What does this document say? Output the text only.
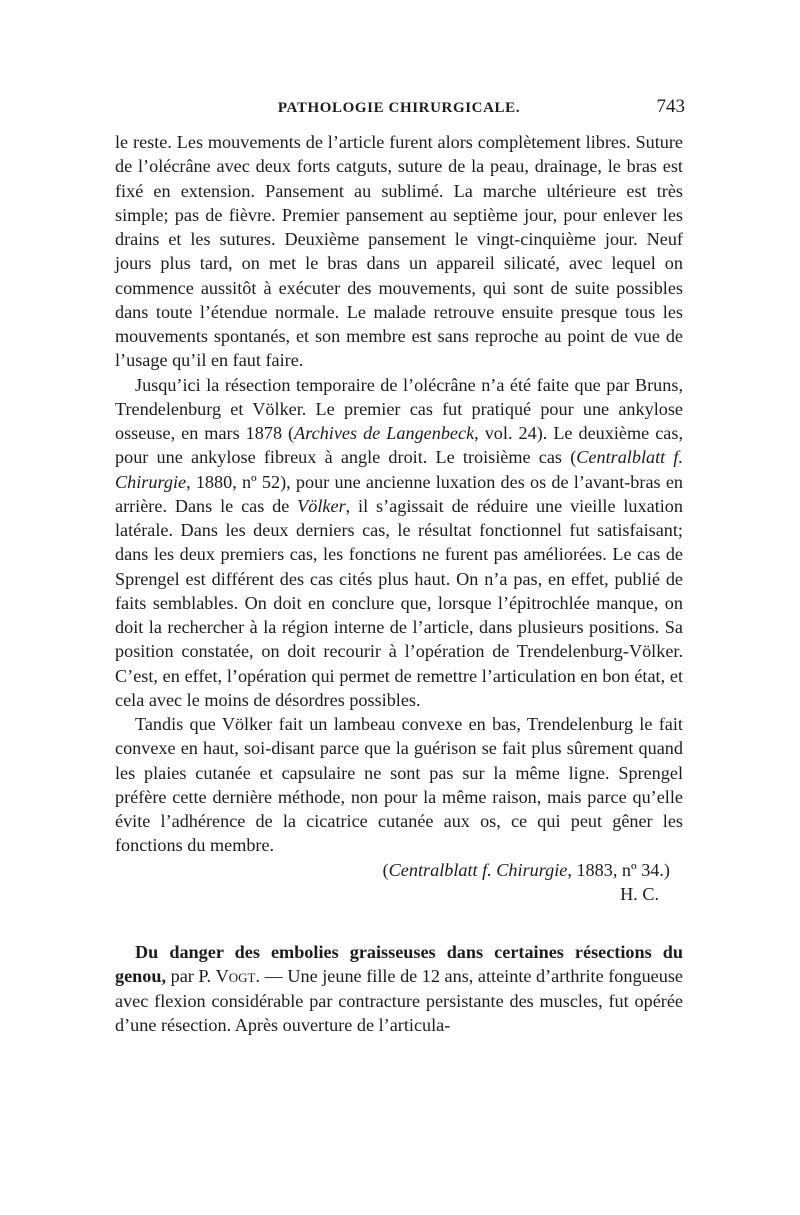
PATHOLOGIE CHIRURGICALE.	743

le reste. Les mouvements de l’article furent alors complètement libres. Suture de l’olécrâne avec deux forts catguts, suture de la peau, drainage, le bras est fixé en extension. Pansement au sublimé. La marche ultérieure est très simple; pas de fièvre. Premier pansement au septième jour, pour enlever les drains et les sutures. Deuxième pansement le vingt-cinquième jour. Neuf jours plus tard, on met le bras dans un appareil silicaté, avec lequel on commence aussitôt à exécuter des mouvements, qui sont de suite possibles dans toute l’étendue normale. Le malade retrouve ensuite presque tous les mouvements spontanés, et son membre est sans reproche au point de vue de l’usage qu’il en faut faire.

Jusqu’ici la résection temporaire de l’olécrâne n’a été faite que par Bruns, Trendelenburg et Völker. Le premier cas fut pratiqué pour une ankylose osseuse, en mars 1878 (Archives de Langenbeck, vol. 24). Le deuxième cas, pour une ankylose fibreux à angle droit. Le troisième cas (Centralblatt f. Chirurgie, 1880, nº 52), pour une ancienne luxation des os de l’avant-bras en arrière. Dans le cas de Völker, il s’agissait de réduire une vieille luxation latérale. Dans les deux derniers cas, le résultat fonctionnel fut satisfaisant; dans les deux premiers cas, les fonctions ne furent pas améliorées. Le cas de Sprengel est différent des cas cités plus haut. On n’a pas, en effet, publié de faits semblables. On doit en conclure que, lorsque l’épitrochlée manque, on doit la rechercher à la région interne de l’article, dans plusieurs positions. Sa position constatée, on doit recourir à l’opération de Trendelenburg-Völker. C’est, en effet, l’opération qui permet de remettre l’articulation en bon état, et cela avec le moins de désordres possibles.

Tandis que Völker fait un lambeau convexe en bas, Trendelenburg le fait convexe en haut, soi-disant parce que la guérison se fait plus sûrement quand les plaies cutanée et capsulaire ne sont pas sur la même ligne. Sprengel préfère cette dernière méthode, non pour la même raison, mais parce qu’elle évite l’adhérence de la cicatrice cutanée aux os, ce qui peut gêner les fonctions du membre.

(Centralblatt f. Chirurgie, 1883, nº 34.)

H. C.

Du danger des embolies graisseuses dans certaines résections du genou, par P. Vogt. — Une jeune fille de 12 ans, atteinte d’arthrite fongueuse avec flexion considérable par contracture persistante des muscles, fut opérée d’une résection. Après ouverture de l’articula-
